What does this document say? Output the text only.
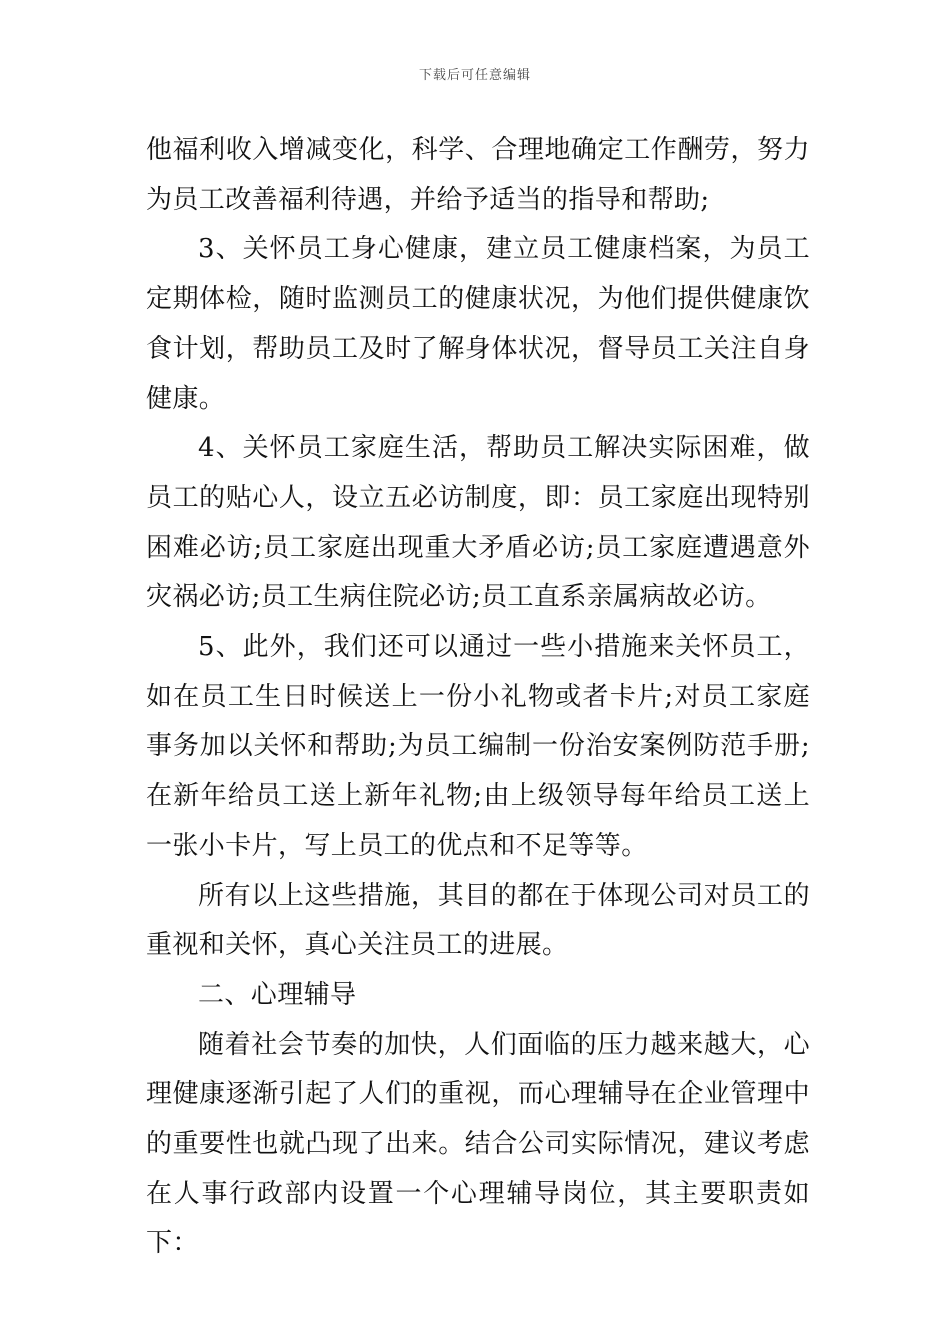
下载后可任意编辑

他福利收入增减变化，科学、合理地确定工作酬劳，努力为员工改善福利待遇，并给予适当的指导和帮助;

3、关怀员工身心健康，建立员工健康档案，为员工定期体检，随时监测员工的健康状况，为他们提供健康饮食计划，帮助员工及时了解身体状况，督导员工关注自身健康。

4、关怀员工家庭生活，帮助员工解决实际困难，做员工的贴心人，设立五必访制度，即：员工家庭出现特别困难必访;员工家庭出现重大矛盾必访;员工家庭遭遇意外灾祸必访;员工生病住院必访;员工直系亲属病故必访。

5、此外，我们还可以通过一些小措施来关怀员工，如在员工生日时候送上一份小礼物或者卡片;对员工家庭事务加以关怀和帮助;为员工编制一份治安案例防范手册;在新年给员工送上新年礼物;由上级领导每年给员工送上一张小卡片，写上员工的优点和不足等等。

所有以上这些措施，其目的都在于体现公司对员工的重视和关怀，真心关注员工的进展。

二、心理辅导

随着社会节奏的加快，人们面临的压力越来越大，心理健康逐渐引起了人们的重视，而心理辅导在企业管理中的重要性也就凸现了出来。结合公司实际情况，建议考虑在人事行政部内设置一个心理辅导岗位，其主要职责如下：
